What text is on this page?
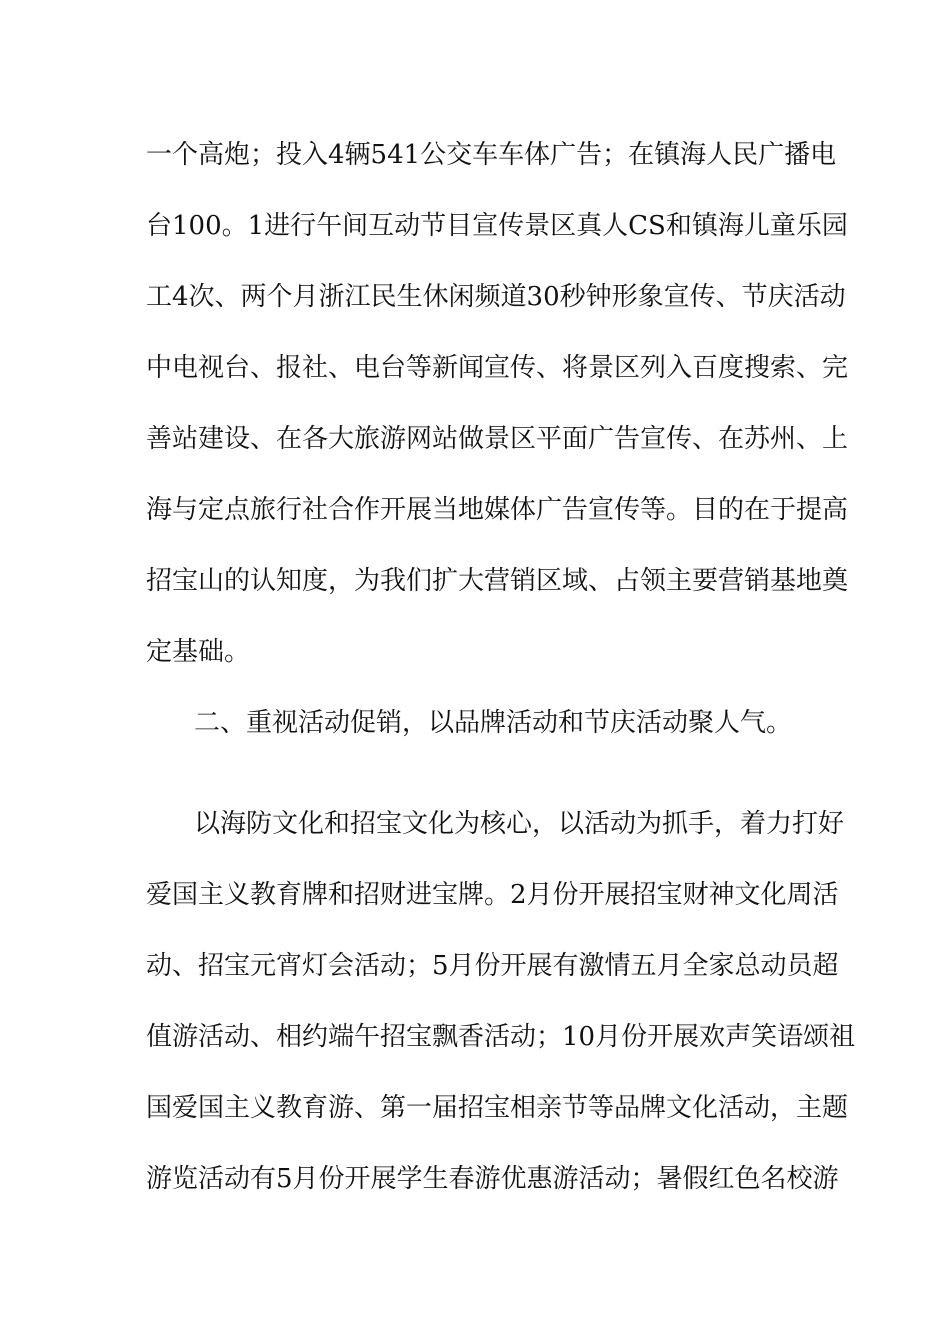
一个高炮；投入4辆541公交车车体广告；在镇海人民广播电
台100。1进行午间互动节目宣传景区真人CS和镇海儿童乐园
工4次、两个月浙江民生休闲频道30秒钟形象宣传、节庆活动
中电视台、报社、电台等新闻宣传、将景区列入百度搜索、完
善站建设、在各大旅游网站做景区平面广告宣传、在苏州、上
海与定点旅行社合作开展当地媒体广告宣传等。目的在于提高
招宝山的认知度，为我们扩大营销区域、占领主要营销基地奠
定基础。
二、重视活动促销，以品牌活动和节庆活动聚人气。
以海防文化和招宝文化为核心，以活动为抓手，着力打好
爱国主义教育牌和招财进宝牌。2月份开展招宝财神文化周活
动、招宝元宵灯会活动；5月份开展有激情五月全家总动员超
值游活动、相约端午招宝飘香活动；10月份开展欢声笑语颂祖
国爱国主义教育游、第一届招宝相亲节等品牌文化活动，主题
游览活动有5月份开展学生春游优惠游活动；暑假红色名校游
